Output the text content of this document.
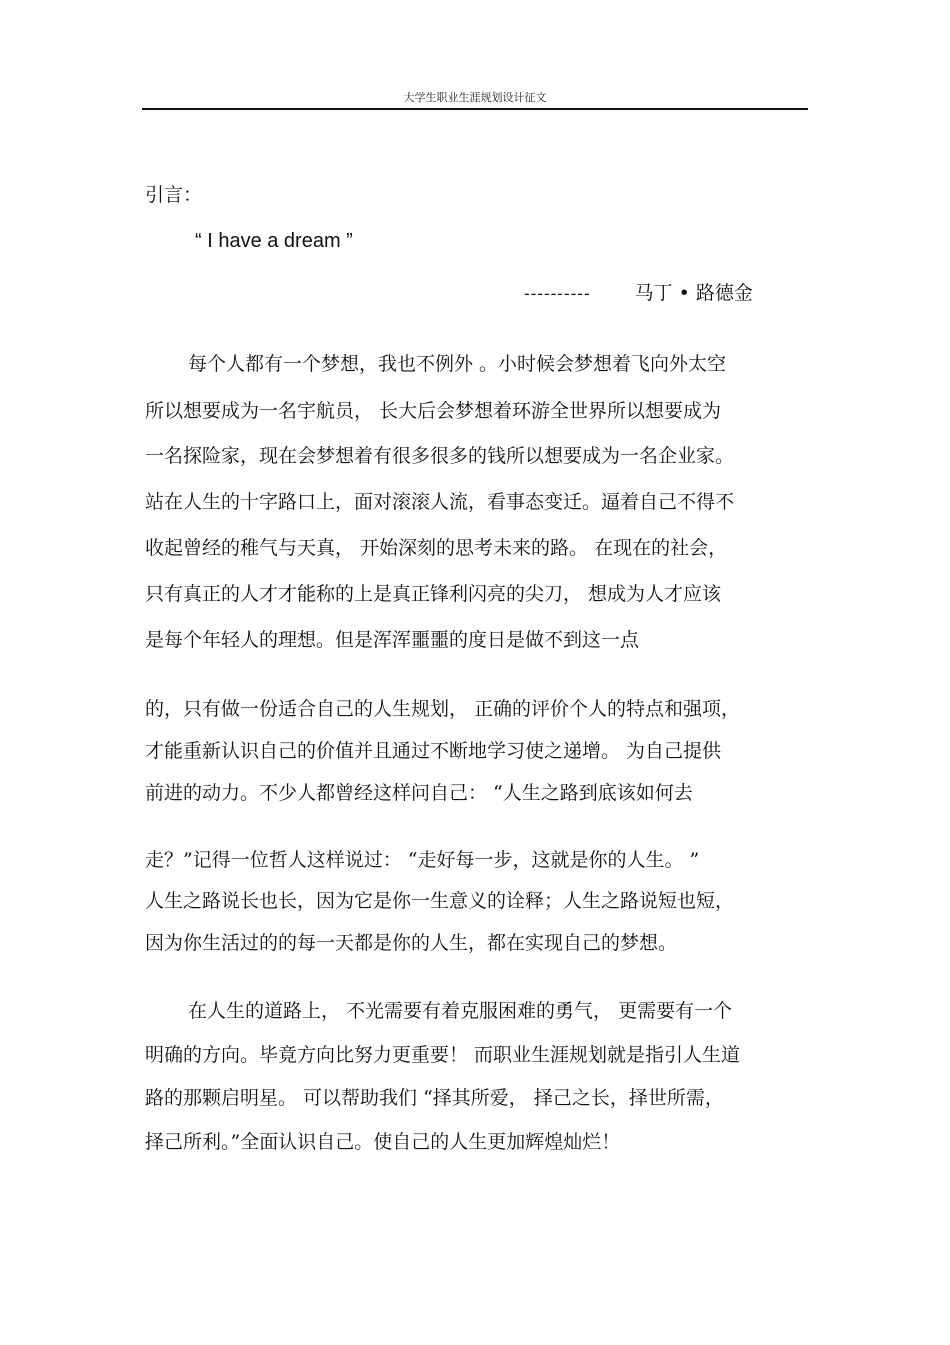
大学生职业生涯规划设计征文
引言：
“ I have a dream ”
---------- 马丁 • 路德金
每个人都有一个梦想，我也不例外 。小时候会梦想着飞向外太空
所以想要成为一名宇航员， 长大后会梦想着环游全世界所以想要成为
一名探险家，现在会梦想着有很多很多的钱所以想要成为一名企业家。
站在人生的十字路口上，面对滚滚人流，看事态变迁。逼着自己不得不
收起曾经的稚气与天真， 开始深刻的思考未来的路。 在现在的社会，
只有真正的人才才能称的上是真正锋利闪亮的尖刀， 想成为人才应该
是每个年轻人的理想。但是浑浑噩噩的度日是做不到这一点
的，只有做一份适合自己的人生规划， 正确的评价个人的特点和强项，
才能重新认识自己的价值并且通过不断地学习使之递增。 为自己提供
前进的动力。不少人都曾经这样问自己： “人生之路到底该如何去
走？”记得一位哲人这样说过： “走好每一步，这就是你的人生。 ”
人生之路说长也长，因为它是你一生意义的诠释；人生之路说短也短，
因为你生活过的的每一天都是你的人生，都在实现自己的梦想。
在人生的道路上， 不光需要有着克服困难的勇气， 更需要有一个
明确的方向。毕竟方向比努力更重要！ 而职业生涯规划就是指引人生道
路的那颗启明星。 可以帮助我们 “择其所爱， 择己之长，择世所需，
择己所利。”全面认识自己。使自己的人生更加辉煌灿烂！
